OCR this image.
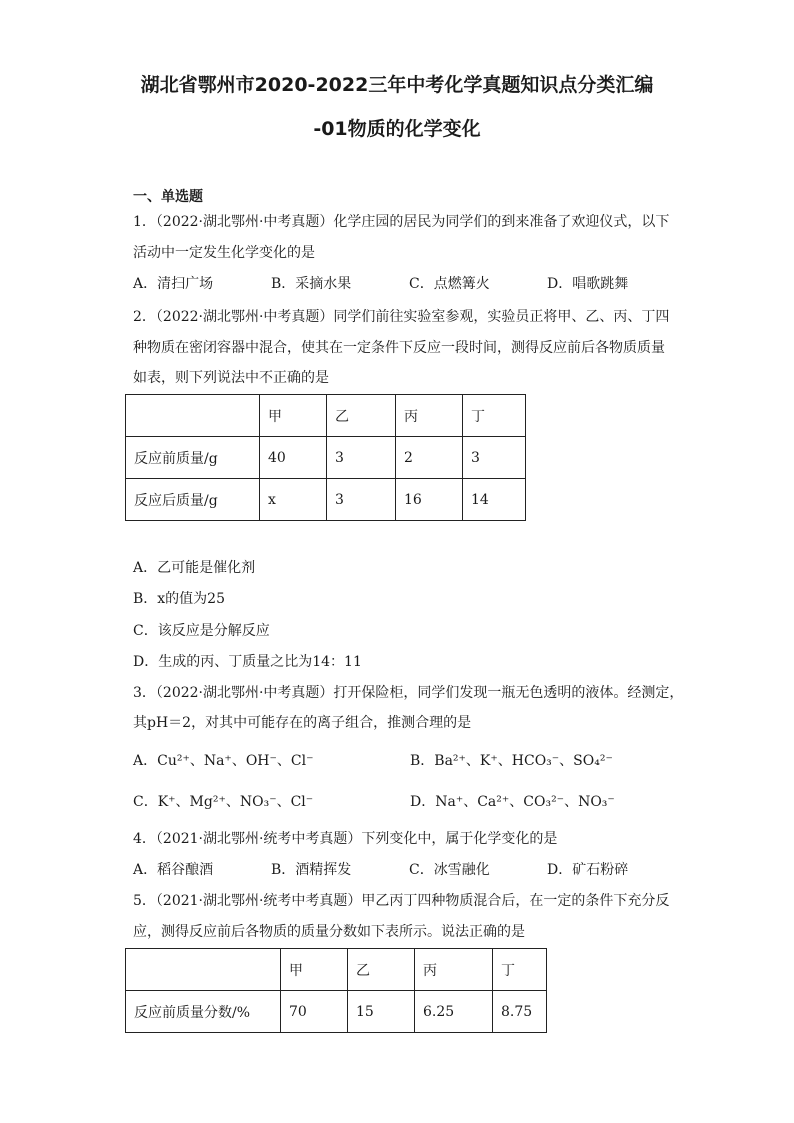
湖北省鄂州市2020-2022三年中考化学真题知识点分类汇编
-01物质的化学变化
一、单选题
1．（2022·湖北鄂州·中考真题）化学庄园的居民为同学们的到来准备了欢迎仪式，以下
活动中一定发生化学变化的是
A．清扫广场	B．采摘水果	C．点燃篝火	D．唱歌跳舞
2．（2022·湖北鄂州·中考真题）同学们前往实验室参观，实验员正将甲、乙、丙、丁四
种物质在密闭容器中混合，使其在一定条件下反应一段时间，测得反应前后各物质质量
如表，则下列说法中不正确的是
	甲	乙	丙	丁
反应前质量/g	40	3	2	3
反应后质量/g	x	3	16	14
A．乙可能是催化剂
B．x的值为25
C．该反应是分解反应
D．生成的丙、丁质量之比为14：11
3．（2022·湖北鄂州·中考真题）打开保险柜，同学们发现一瓶无色透明的液体。经测定，
其pH＝2，对其中可能存在的离子组合，推测合理的是
A．Cu²⁺、Na⁺、OH⁻、Cl⁻	B．Ba²⁺、K⁺、HCO₃⁻、SO₄²⁻
C．K⁺、Mg²⁺、NO₃⁻、Cl⁻	D．Na⁺、Ca²⁺、CO₃²⁻、NO₃⁻
4．（2021·湖北鄂州·统考中考真题）下列变化中，属于化学变化的是
A．稻谷酿酒	B．酒精挥发	C．冰雪融化	D．矿石粉碎
5．（2021·湖北鄂州·统考中考真题）甲乙丙丁四种物质混合后，在一定的条件下充分反
应，测得反应前后各物质的质量分数如下表所示。说法正确的是
	甲	乙	丙	丁
反应前质量分数/%	70	15	6.25	8.75
